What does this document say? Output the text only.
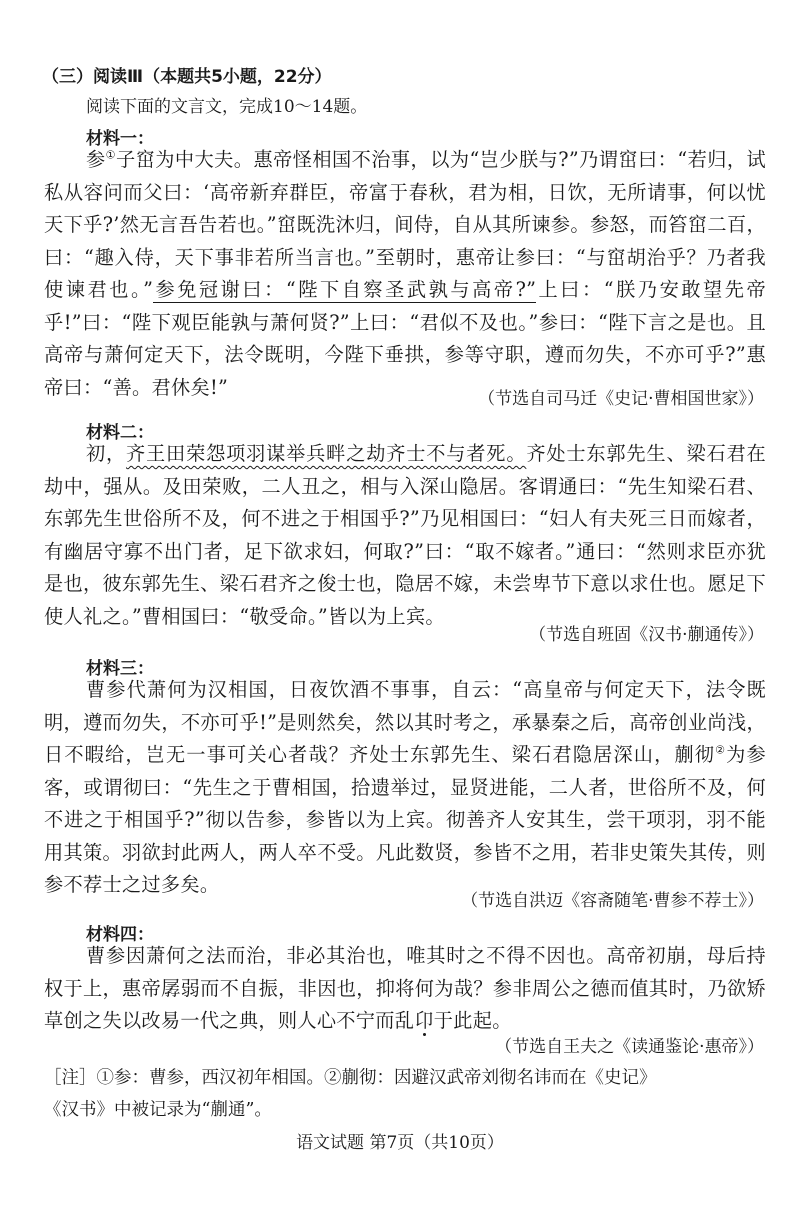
（三）阅读Ⅲ（本题共5小题，22分）
阅读下面的文言文，完成10～14题。
材料一：

参①子窋为中大夫。惠帝怪相国不治事，以为“岂少朕与?”乃谓窋曰：“若归，试私从容问而父曰：‘高帝新弃群臣，帝富于春秋，君为相，日饮，无所请事，何以忧天下乎?’然无言吾告若也。”窋既洗沐归，间侍，自从其所谏参。参怒，而笞窋二百，曰：“趣入侍，天下事非若所当言也。”至朝时，惠帝让参曰：“与窋胡治乎？乃者我使谏君也。”参免冠谢曰：“陛下自察圣武孰与高帝?”上曰：“朕乃安敢望先帝乎!”曰：“陛下观臣能孰与萧何贤?”上曰：“君似不及也。”参曰：“陛下言之是也。且高帝与萧何定天下，法令既明，今陛下垂拱，参等守职，遵而勿失，不亦可乎?”惠帝曰：“善。君休矣!”

（节选自司马迁《史记·曹相国世家》）
材料二：

初，齐王田荣怨项羽谋举兵畔之劫齐士不与者死。齐处士东郭先生、梁石君在劫中，强从。及田荣败，二人丑之，相与入深山隐居。客谓通曰：“先生知梁石君、东郭先生世俗所不及，何不进之于相国乎?”乃见相国曰：“妇人有夫死三日而嫁者，有幽居守寡不出门者，足下欲求妇，何取?”曰：“取不嫁者。”通曰：“然则求臣亦犹是也，彼东郭先生、梁石君齐之俊士也，隐居不嫁，未尝卑节下意以求仕也。愿足下使人礼之。”曹相国曰：“敬受命。”皆以为上宾。

（节选自班固《汉书·蒯通传》）
材料三：

曹参代萧何为汉相国，日夜饮酒不事事，自云：“高皇帝与何定天下，法令既明，遵而勿失，不亦可乎!”是则然矣，然以其时考之，承暴秦之后，高帝创业尚浅，日不暇给，岂无一事可关心者哉？齐处士东郭先生、梁石君隐居深山，蒯彻②为参客，或谓彻曰：“先生之于曹相国，拾遗举过，显贤进能，二人者，世俗所不及，何不进之于相国乎?”彻以告参，参皆以为上宾。彻善齐人安其生，尝干项羽，羽不能用其策。羽欲封此两人，两人卒不受。凡此数贤，参皆不之用，若非史策失其传，则参不荐士之过多矣。

（节选自洪迈《容斋随笔·曹参不荐士》）
材料四：

曹参因萧何之法而治，非必其治也，唯其时之不得不因也。高帝初崩，母后持权于上，惠帝孱弱而不自振，非因也，抑将何为哉？参非周公之德而值其时，乃欲矫草创之失以改易一代之典，则人心不宁而乱卬于此起。

（节选自王夫之《读通鉴论·惠帝》）

［注］①参：曹参，西汉初年相国。②蒯彻：因避汉武帝刘彻名讳而在《史记》
《汉书》中被记录为“蒯通”。

语文试题 第7页（共10页）
